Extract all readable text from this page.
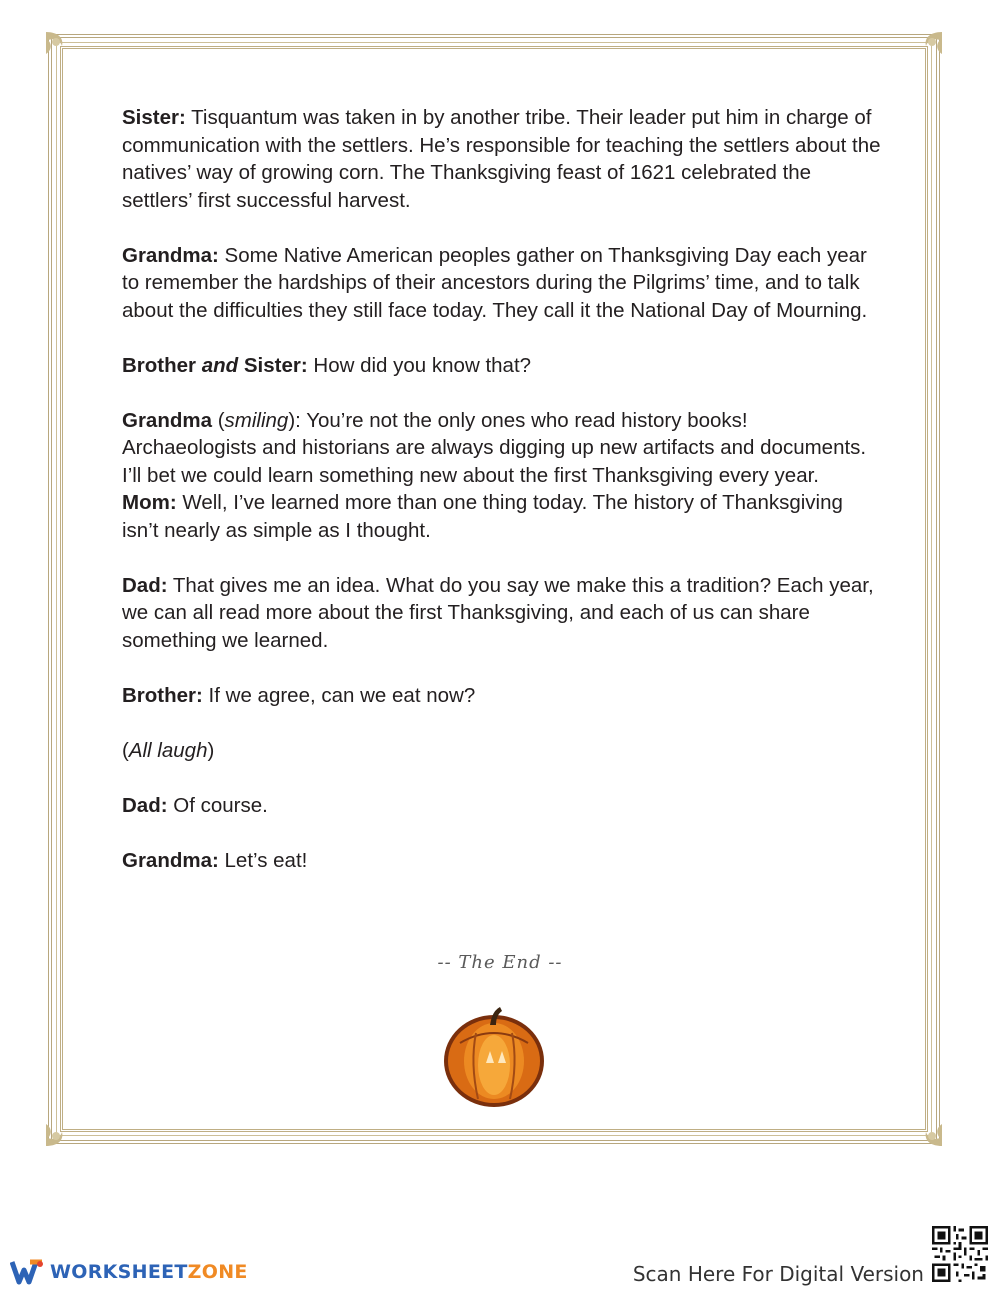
Sister: Tisquantum was taken in by another tribe. Their leader put him in charge of communication with the settlers. He’s responsible for teaching the settlers about the natives’ way of growing corn. The Thanksgiving feast of 1621 celebrated the settlers’ first successful harvest.

Grandma: Some Native American peoples gather on Thanksgiving Day each year to remember the hardships of their ancestors during the Pilgrims’ time, and to talk about the difficulties they still face today. They call it the National Day of Mourning.

Brother and Sister: How did you know that?

Grandma (smiling): You’re not the only ones who read history books! Archaeologists and historians are always digging up new artifacts and documents. I’ll bet we could learn something new about the first Thanksgiving every year.

Mom: Well, I’ve learned more than one thing today. The history of Thanksgiving isn’t nearly as simple as I thought.

Dad: That gives me an idea. What do you say we make this a tradition? Each year, we can all read more about the first Thanksgiving, and each of us can share something we learned.

Brother: If we agree, can we eat now?

(All laugh)

Dad: Of course.

Grandma: Let’s eat!

-- The End --
WORKSHEETZONE	Scan Here For Digital Version
